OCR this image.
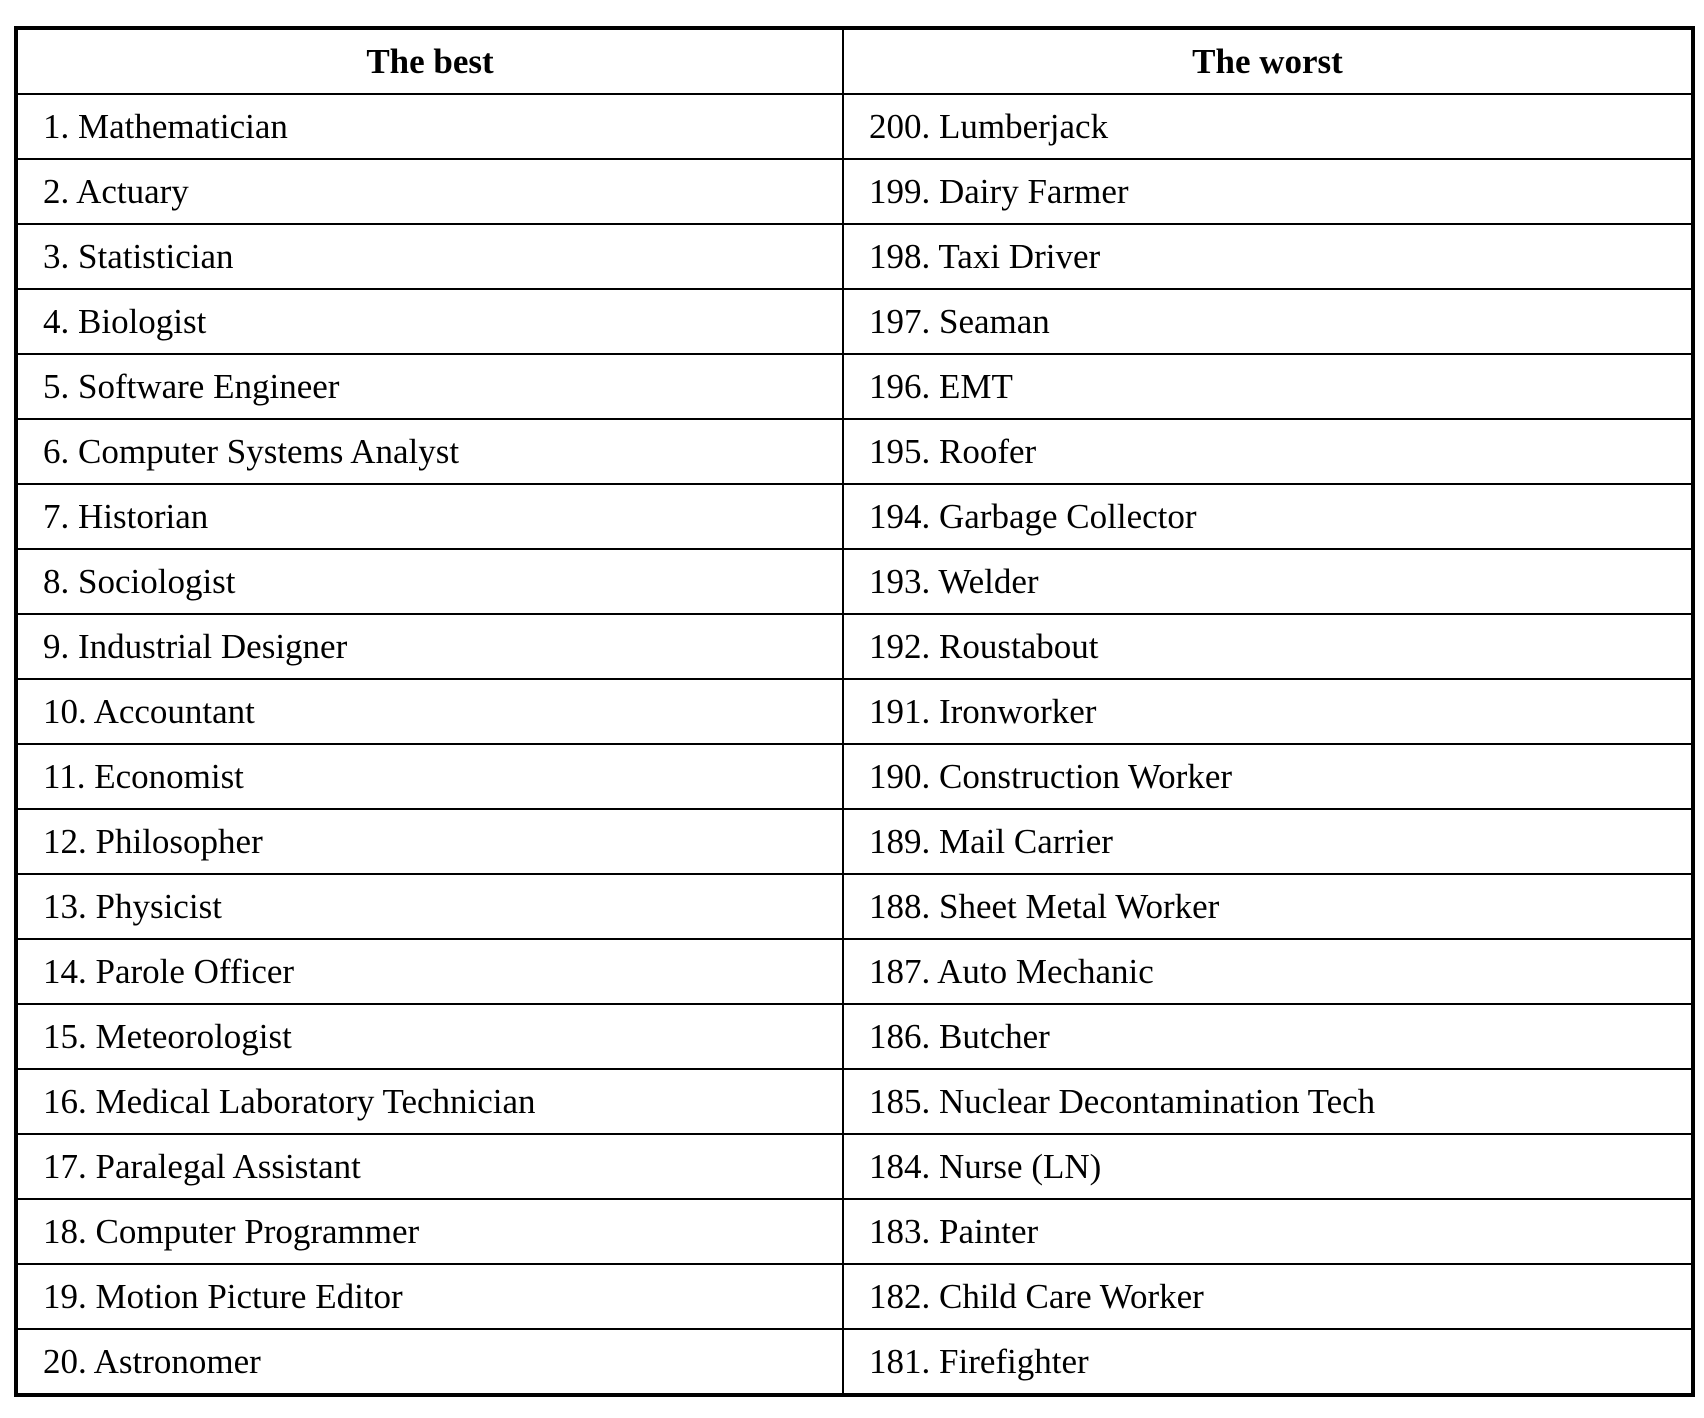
The best	The worst
1. Mathematician	200. Lumberjack
2. Actuary	199. Dairy Farmer
3. Statistician	198. Taxi Driver
4. Biologist	197. Seaman
5. Software Engineer	196. EMT
6. Computer Systems Analyst	195. Roofer
7. Historian	194. Garbage Collector
8. Sociologist	193. Welder
9. Industrial Designer	192. Roustabout
10. Accountant	191. Ironworker
11. Economist	190. Construction Worker
12. Philosopher	189. Mail Carrier
13. Physicist	188. Sheet Metal Worker
14. Parole Officer	187. Auto Mechanic
15. Meteorologist	186. Butcher
16. Medical Laboratory Technician	185. Nuclear Decontamination Tech
17. Paralegal Assistant	184. Nurse (LN)
18. Computer Programmer	183. Painter
19. Motion Picture Editor	182. Child Care Worker
20. Astronomer	181. Firefighter
